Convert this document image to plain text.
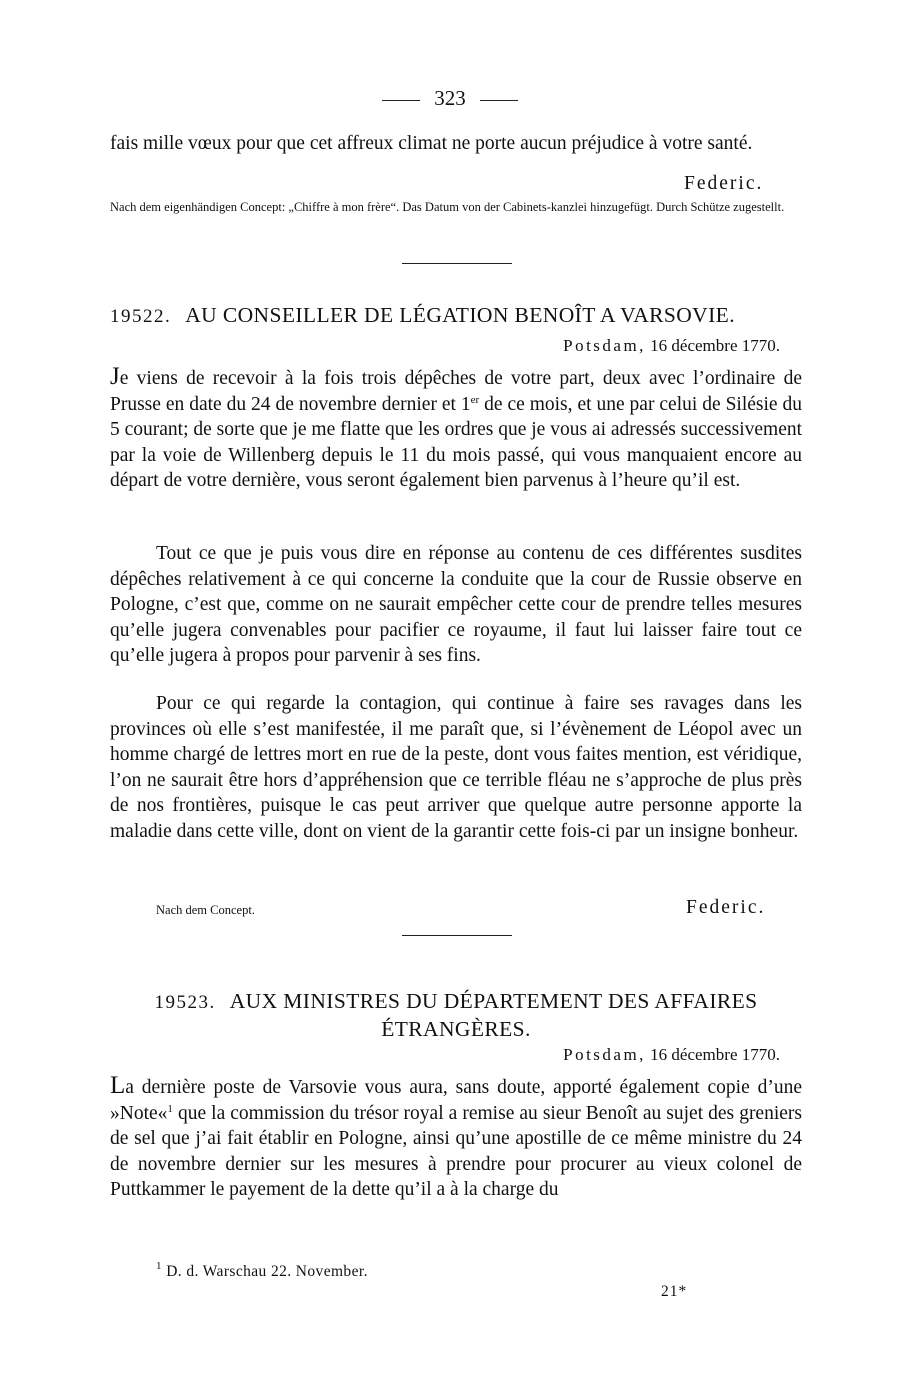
323

fais mille vœux pour que cet affreux climat ne porte aucun préjudice à votre santé.

Federic.

Nach dem eigenhändigen Concept: „Chiffre à mon frère“. Das Datum von der Cabinets-kanzlei hinzugefügt. Durch Schütze zugestellt.

19522. AU CONSEILLER DE LÉGATION BENOÎT A VARSOVIE.
Potsdam, 16 décembre 1770.

Je viens de recevoir à la fois trois dépêches de votre part, deux avec l’ordinaire de Prusse en date du 24 de novembre dernier et 1er de ce mois, et une par celui de Silésie du 5 courant; de sorte que je me flatte que les ordres que je vous ai adressés successivement par la voie de Willenberg depuis le 11 du mois passé, qui vous manquaient encore au départ de votre dernière, vous seront également bien parvenus à l’heure qu’il est.

Tout ce que je puis vous dire en réponse au contenu de ces différentes susdites dépêches relativement à ce qui concerne la conduite que la cour de Russie observe en Pologne, c’est que, comme on ne saurait empêcher cette cour de prendre telles mesures qu’elle jugera convenables pour pacifier ce royaume, il faut lui laisser faire tout ce qu’elle jugera à propos pour parvenir à ses fins.

Pour ce qui regarde la contagion, qui continue à faire ses ravages dans les provinces où elle s’est manifestée, il me paraît que, si l’évènement de Léopol avec un homme chargé de lettres mort en rue de la peste, dont vous faites mention, est véridique, l’on ne saurait être hors d’appréhension que ce terrible fléau ne s’approche de plus près de nos frontières, puisque le cas peut arriver que quelque autre personne apporte la maladie dans cette ville, dont on vient de la garantir cette fois-ci par un insigne bonheur.

Nach dem Concept.	Federic.
19523. AUX MINISTRES DU DÉPARTEMENT DES AFFAIRES ÉTRANGÈRES.
Potsdam, 16 décembre 1770.

La dernière poste de Varsovie vous aura, sans doute, apporté également copie d’une »Note«$^1$ que la commission du trésor royal a remise au sieur Benoît au sujet des greniers de sel que j’ai fait établir en Pologne, ainsi qu’une apostille de ce même ministre du 24 de novembre dernier sur les mesures à prendre pour procurer au vieux colonel de Puttkammer le payement de la dette qu’il a à la charge du

$^1$ D. d. Warschau 22. November.
21*
